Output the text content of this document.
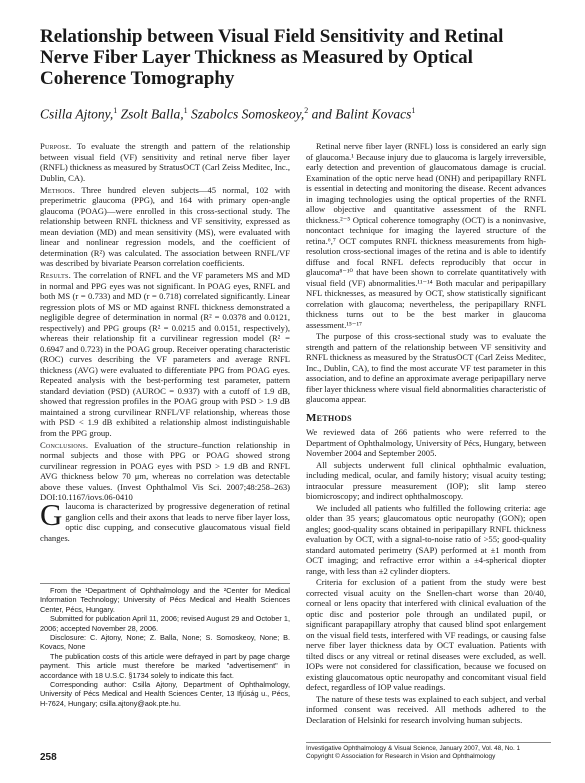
Relationship between Visual Field Sensitivity and Retinal Nerve Fiber Layer Thickness as Measured by Optical Coherence Tomography
Csilla Ajtony,$^1$ Zsolt Balla,$^1$ Szabolcs Somoskeoy,$^2$ and Balint Kovacs$^1$

Purpose. To evaluate the strength and pattern of the relationship between visual field (VF) sensitivity and retinal nerve fiber layer (RNFL) thickness as measured by StratusOCT (Carl Zeiss Meditec, Inc., Dublin, CA).

Methods. Three hundred eleven subjects—45 normal, 102 with preperimetric glaucoma (PPG), and 164 with primary open-angle glaucoma (POAG)—were enrolled in this cross-sectional study. The relationship between RNFL thickness and VF sensitivity, expressed as mean deviation (MD) and mean sensitivity (MS), were evaluated with linear and nonlinear regression models, and the coefficient of determination (R²) was calculated. The association between RNFL/VF was described by bivariate Pearson correlation coefficients.

Results. The correlation of RNFL and the VF parameters MS and MD in normal and PPG eyes was not significant. In POAG eyes, RNFL and both MS (r = 0.733) and MD (r = 0.718) correlated significantly. Linear regression plots of MS or MD against RNFL thickness demonstrated a negligible degree of determination in normal (R² = 0.0378 and 0.0121, respectively) and PPG groups (R² = 0.0215 and 0.0151, respectively), whereas their relationship fit a curvilinear regression model (R² = 0.6947 and 0.723) in the POAG group. Receiver operating characteristic (ROC) curves describing the VF parameters and average RNFL thickness (AVG) were evaluated to differentiate PPG from POAG eyes. Repeated analysis with the best-performing test parameter, pattern standard deviation (PSD) (AUROC = 0.937) with a cutoff of 1.9 dB, showed that regression profiles in the POAG group with PSD > 1.9 dB maintained a strong curvilinear RNFL/VF relationship, whereas those with PSD < 1.9 dB exhibited a relationship almost indistinguishable from the PPG group.

Conclusions. Evaluation of the structure–function relationship in normal subjects and those with PPG or POAG showed strong curvilinear regression in POAG eyes with PSD > 1.9 dB and RNFL AVG thickness below 70 μm, whereas no correlation was detectable above these values. (Invest Ophthalmol Vis Sci. 2007;48:258–263) DOI:10.1167/iovs.06-0410

Glaucoma is characterized by progressive degeneration of retinal ganglion cells and their axons that leads to nerve fiber layer loss, optic disc cupping, and consecutive glaucomatous visual field changes.

From the ¹Department of Ophthalmology and the ²Center for Medical Information Technology; University of Pécs Medical and Health Sciences Center, Pécs, Hungary.

Submitted for publication April 11, 2006; revised August 29 and October 1, 2006; accepted November 28, 2006.

Disclosure: C. Ajtony, None; Z. Balla, None; S. Somoskeoy, None; B. Kovacs, None

The publication costs of this article were defrayed in part by page charge payment. This article must therefore be marked "advertisement" in accordance with 18 U.S.C. §1734 solely to indicate this fact.

Corresponding author: Csilla Ajtony, Department of Ophthalmology, University of Pécs Medical and Health Sciences Center, 13 Ifjúság u., Pécs, H-7624, Hungary; csilla.ajtony@aok.pte.hu.

Retinal nerve fiber layer (RNFL) loss is considered an early sign of glaucoma.¹ Because injury due to glaucoma is largely irreversible, early detection and prevention of glaucomatous damage is crucial. Examination of the optic nerve head (ONH) and peripapillary RNFL is essential in detecting and monitoring the disease. Recent advances in imaging technologies using the optical properties of the RNFL allow objective and quantitative assessment of the RNFL thickness.²⁻⁵ Optical coherence tomography (OCT) is a noninvasive, noncontact technique for imaging the layered structure of the retina.⁶,⁷ OCT computes RNFL thickness measurements from high-resolution cross-sectional images of the retina and is able to identify diffuse and focal RNFL defects reproducibly that occur in glaucoma⁸⁻¹⁰ that have been shown to correlate quantitatively with visual field (VF) abnormalities.¹¹⁻¹⁴ Both macular and peripapillary NFL thicknesses, as measured by OCT, show statistically significant correlation with glaucoma; nevertheless, the peripapillary RNFL thickness turns out to be the best marker in glaucoma assessment.¹⁵⁻¹⁷

The purpose of this cross-sectional study was to evaluate the strength and pattern of the relationship between VF sensitivity and RNFL thickness as measured by the StratusOCT (Carl Zeiss Meditec, Inc., Dublin, CA), to find the most accurate VF test parameter in this association, and to define an approximate average peripapillary nerve fiber layer thickness where visual field abnormalities characteristic of glaucoma appear.

Methods

We reviewed data of 266 patients who were referred to the Department of Ophthalmology, University of Pécs, Hungary, between November 2004 and September 2005.

All subjects underwent full clinical ophthalmic evaluation, including medical, ocular, and family history; visual acuity testing; intraocular pressure measurement (IOP); slit lamp stereo biomicroscopy; and indirect ophthalmoscopy.

We included all patients who fulfilled the following criteria: age older than 35 years; glaucomatous optic neuropathy (GON); open angles; good-quality scans obtained in peripapillary RNFL thickness evaluation by OCT, with a signal-to-noise ratio of >55; good-quality standard automated perimetry (SAP) performed at ±1 month from OCT imaging; and refractive error within a ±4-spherical diopter range, with less than ±2 cylinder diopters.

Criteria for exclusion of a patient from the study were best corrected visual acuity on the Snellen-chart worse than 20/40, corneal or lens opacity that interfered with clinical evaluation of the optic disc and posterior pole through an undilated pupil, or significant parapapillary atrophy that caused blind spot enlargement on the visual field tests, interfered with VF readings, or causing false nerve fiber layer thickness data by OCT evaluation. Patients with tilted discs or any vitreal or retinal diseases were excluded, as well. IOPs were not considered for classification, because we focused on existing glaucomatous optic neuropathy and concomitant visual field defect, regardless of IOP value readings.

The nature of these tests was explained to each subject, and verbal informed consent was received. All methods adhered to the Declaration of Helsinki for research involving human subjects.

258
Investigative Ophthalmology & Visual Science, January 2007, Vol. 48, No. 1
Copyright © Association for Research in Vision and Ophthalmology
